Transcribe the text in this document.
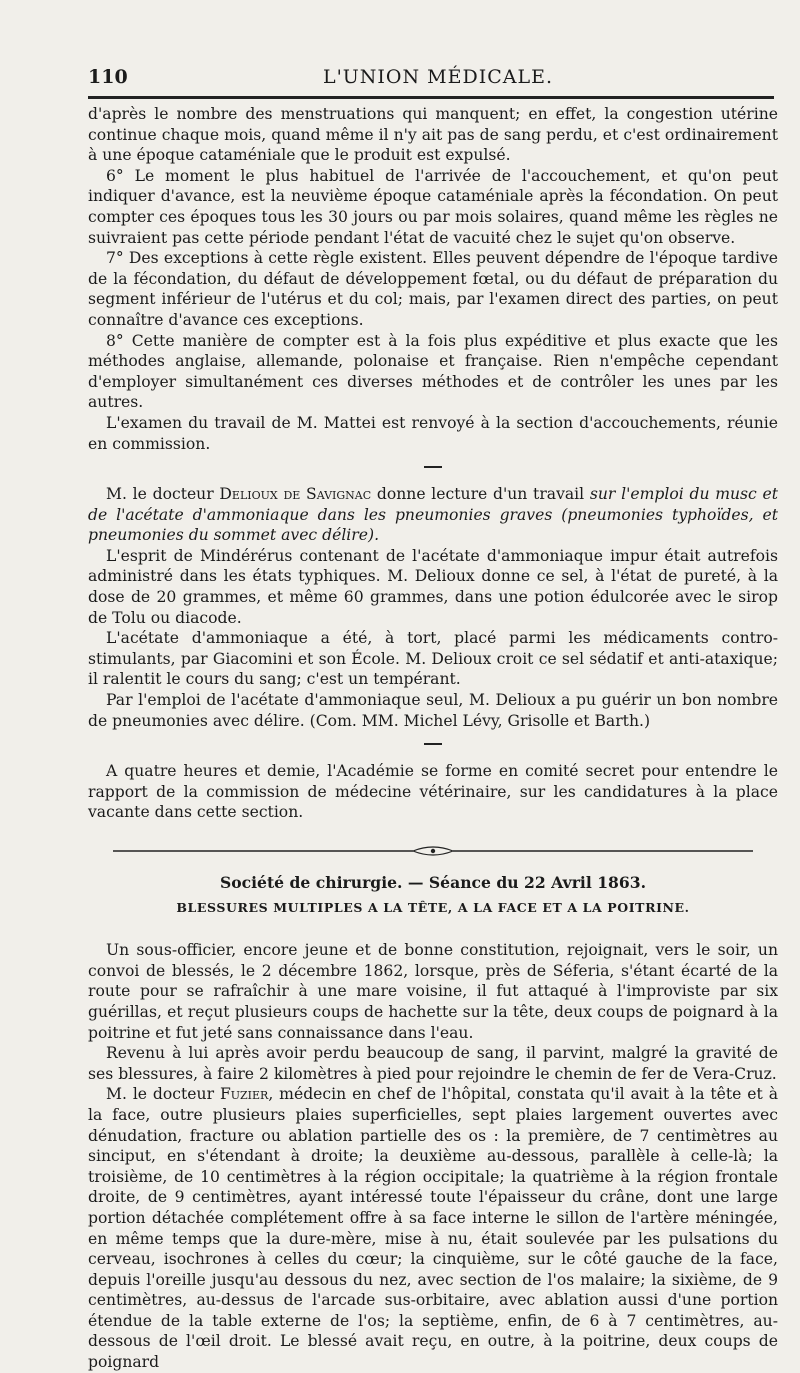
110	L'UNION MÉDICALE.

d'après le nombre des menstruations qui manquent; en effet, la congestion utérine continue chaque mois, quand même il n'y ait pas de sang perdu, et c'est ordinairement à une époque cataméniale que le produit est expulsé.

6° Le moment le plus habituel de l'arrivée de l'accouchement, et qu'on peut indiquer d'avance, est la neuvième époque cataméniale après la fécondation. On peut compter ces époques tous les 30 jours ou par mois solaires, quand même les règles ne suivraient pas cette période pendant l'état de vacuité chez le sujet qu'on observe.

7° Des exceptions à cette règle existent. Elles peuvent dépendre de l'époque tardive de la fécondation, du défaut de développement fœtal, ou du défaut de préparation du segment inférieur de l'utérus et du col; mais, par l'examen direct des parties, on peut connaître d'avance ces exceptions.

8° Cette manière de compter est à la fois plus expéditive et plus exacte que les méthodes anglaise, allemande, polonaise et française. Rien n'empêche cependant d'employer simultanément ces diverses méthodes et de contrôler les unes par les autres.

L'examen du travail de M. Mattei est renvoyé à la section d'accouchements, réunie en commission.

M. le docteur Delioux de Savignac donne lecture d'un travail sur l'emploi du musc et de l'acétate d'ammoniaque dans les pneumonies graves (pneumonies typhoïdes, et pneumonies du sommet avec délire).

L'esprit de Mindérérus contenant de l'acétate d'ammoniaque impur était autrefois administré dans les états typhiques. M. Delioux donne ce sel, à l'état de pureté, à la dose de 20 grammes, et même 60 grammes, dans une potion édulcorée avec le sirop de Tolu ou diacode.

L'acétate d'ammoniaque a été, à tort, placé parmi les médicaments contro-stimulants, par Giacomini et son École. M. Delioux croit ce sel sédatif et anti-ataxique; il ralentit le cours du sang; c'est un tempérant.

Par l'emploi de l'acétate d'ammoniaque seul, M. Delioux a pu guérir un bon nombre de pneumonies avec délire. (Com. MM. Michel Lévy, Grisolle et Barth.)

A quatre heures et demie, l'Académie se forme en comité secret pour entendre le rapport de la commission de médecine vétérinaire, sur les candidatures à la place vacante dans cette section.

Société de chirurgie. — Séance du 22 Avril 1863.
BLESSURES MULTIPLES A LA TÊTE, A LA FACE ET A LA POITRINE.

Un sous-officier, encore jeune et de bonne constitution, rejoignait, vers le soir, un convoi de blessés, le 2 décembre 1862, lorsque, près de Séferia, s'étant écarté de la route pour se rafraîchir à une mare voisine, il fut attaqué à l'improviste par six guérillas, et reçut plusieurs coups de hachette sur la tête, deux coups de poignard à la poitrine et fut jeté sans connaissance dans l'eau.

Revenu à lui après avoir perdu beaucoup de sang, il parvint, malgré la gravité de ses blessures, à faire 2 kilomètres à pied pour rejoindre le chemin de fer de Vera-Cruz.

M. le docteur Fuzier, médecin en chef de l'hôpital, constata qu'il avait à la tête et à la face, outre plusieurs plaies superficielles, sept plaies largement ouvertes avec dénudation, fracture ou ablation partielle des os : la première, de 7 centimètres au sinciput, en s'étendant à droite; la deuxième au-dessous, parallèle à celle-là; la troisième, de 10 centimètres à la région occipitale; la quatrième à la région frontale droite, de 9 centimètres, ayant intéressé toute l'épaisseur du crâne, dont une large portion détachée complétement offre à sa face interne le sillon de l'artère méningée, en même temps que la dure-mère, mise à nu, était soulevée par les pulsations du cerveau, isochrones à celles du cœur; la cinquième, sur le côté gauche de la face, depuis l'oreille jusqu'au dessous du nez, avec section de l'os malaire; la sixième, de 9 centimètres, au-dessus de l'arcade sus-orbitaire, avec ablation aussi d'une portion étendue de la table externe de l'os; la septième, enfin, de 6 à 7 centimètres, au-dessous de l'œil droit. Le blessé avait reçu, en outre, à la poitrine, deux coups de poignard
